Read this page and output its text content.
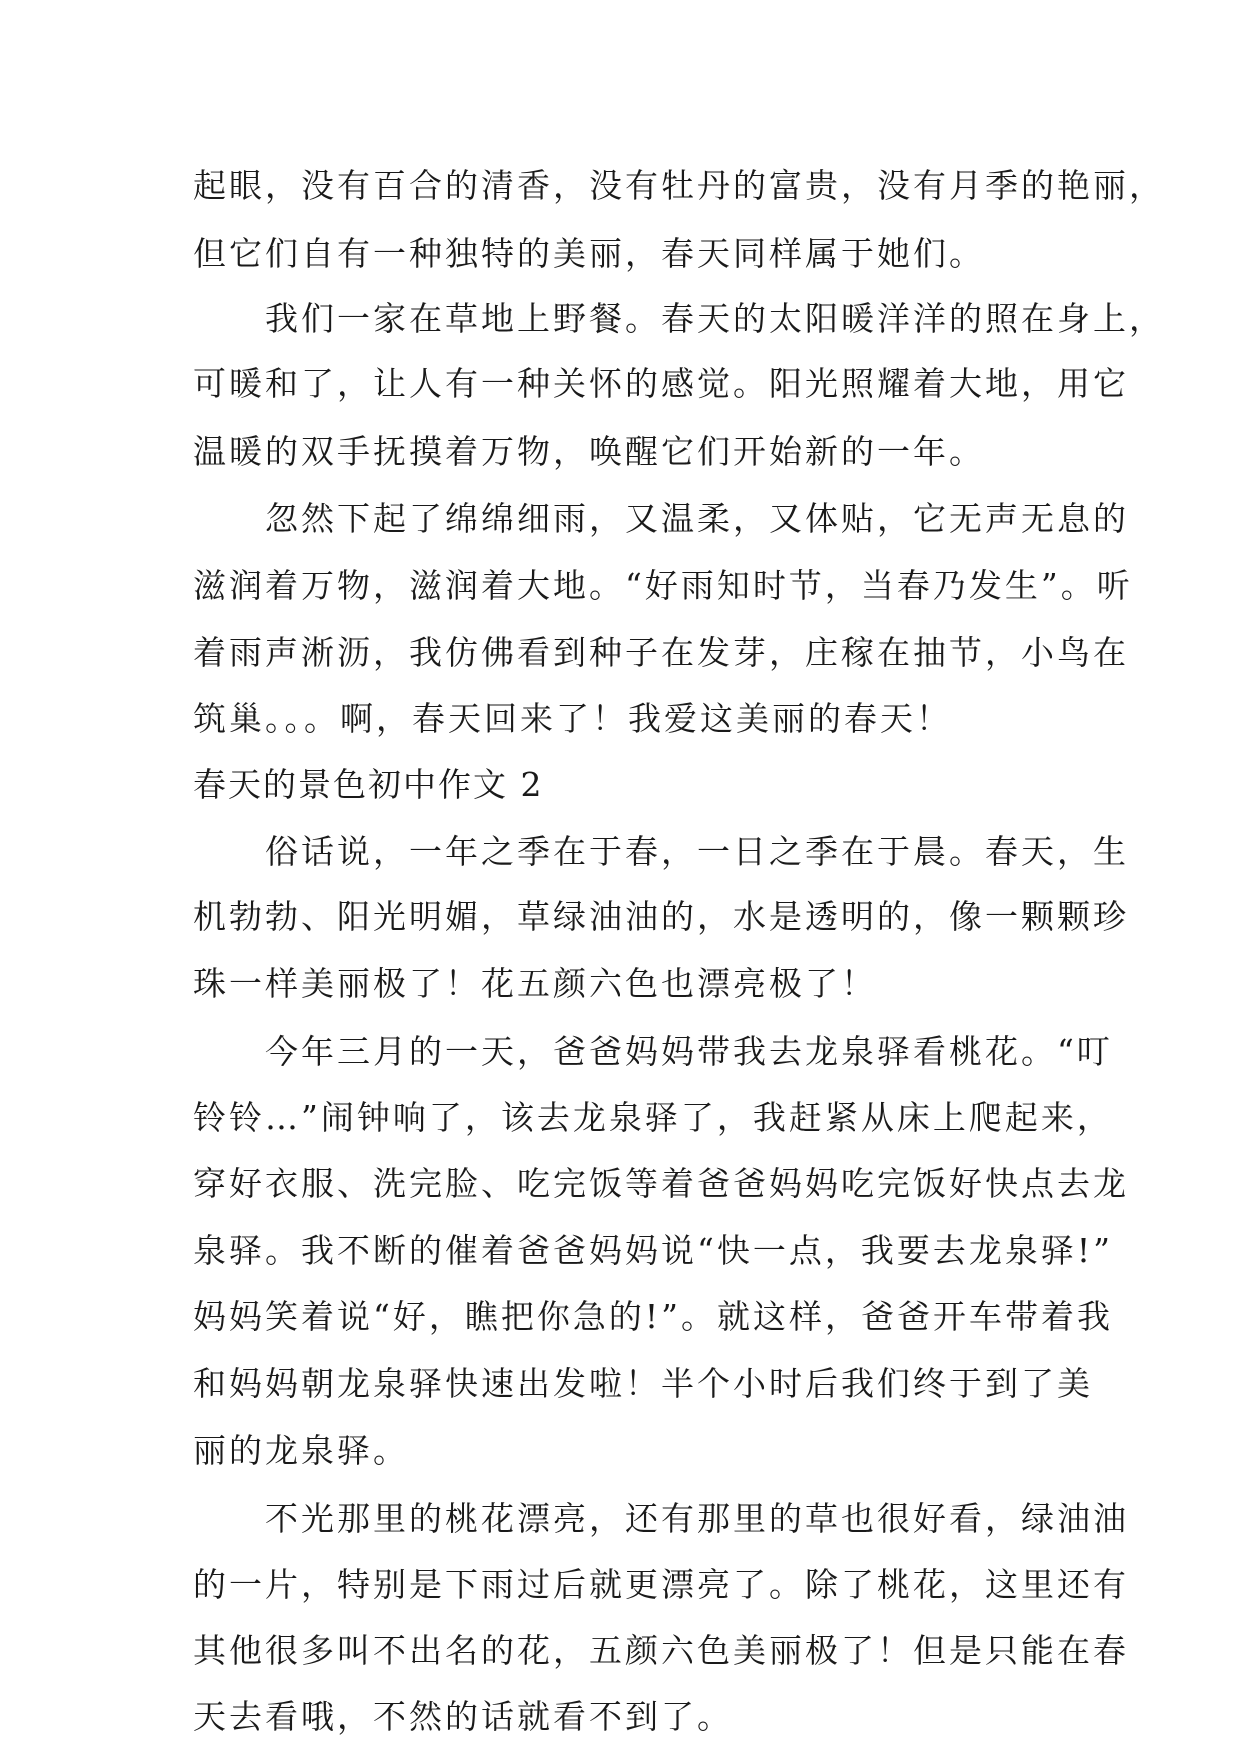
起眼，没有百合的清香，没有牡丹的富贵，没有月季的艳丽，

但它们自有一种独特的美丽，春天同样属于她们。

　　我们一家在草地上野餐。春天的太阳暖洋洋的照在身上，

可暖和了，让人有一种关怀的感觉。阳光照耀着大地，用它

温暖的双手抚摸着万物，唤醒它们开始新的一年。

　　忽然下起了绵绵细雨，又温柔，又体贴，它无声无息的

滋润着万物，滋润着大地。“好雨知时节，当春乃发生”。听

着雨声淅沥，我仿佛看到种子在发芽，庄稼在抽节，小鸟在

筑巢。。。啊，春天回来了！我爱这美丽的春天！

春天的景色初中作文 2

　　俗话说，一年之季在于春，一日之季在于晨。春天，生

机勃勃、阳光明媚，草绿油油的，水是透明的，像一颗颗珍

珠一样美丽极了！花五颜六色也漂亮极了！

　　今年三月的一天，爸爸妈妈带我去龙泉驿看桃花。“叮

铃铃…”闹钟响了，该去龙泉驿了，我赶紧从床上爬起来，

穿好衣服、洗完脸、吃完饭等着爸爸妈妈吃完饭好快点去龙

泉驿。我不断的催着爸爸妈妈说“快一点，我要去龙泉驿!”

妈妈笑着说“好，瞧把你急的!”。就这样，爸爸开车带着我

和妈妈朝龙泉驿快速出发啦！半个小时后我们终于到了美

丽的龙泉驿。

　　不光那里的桃花漂亮，还有那里的草也很好看，绿油油

的一片，特别是下雨过后就更漂亮了。除了桃花，这里还有

其他很多叫不出名的花，五颜六色美丽极了！但是只能在春

天去看哦，不然的话就看不到了。
